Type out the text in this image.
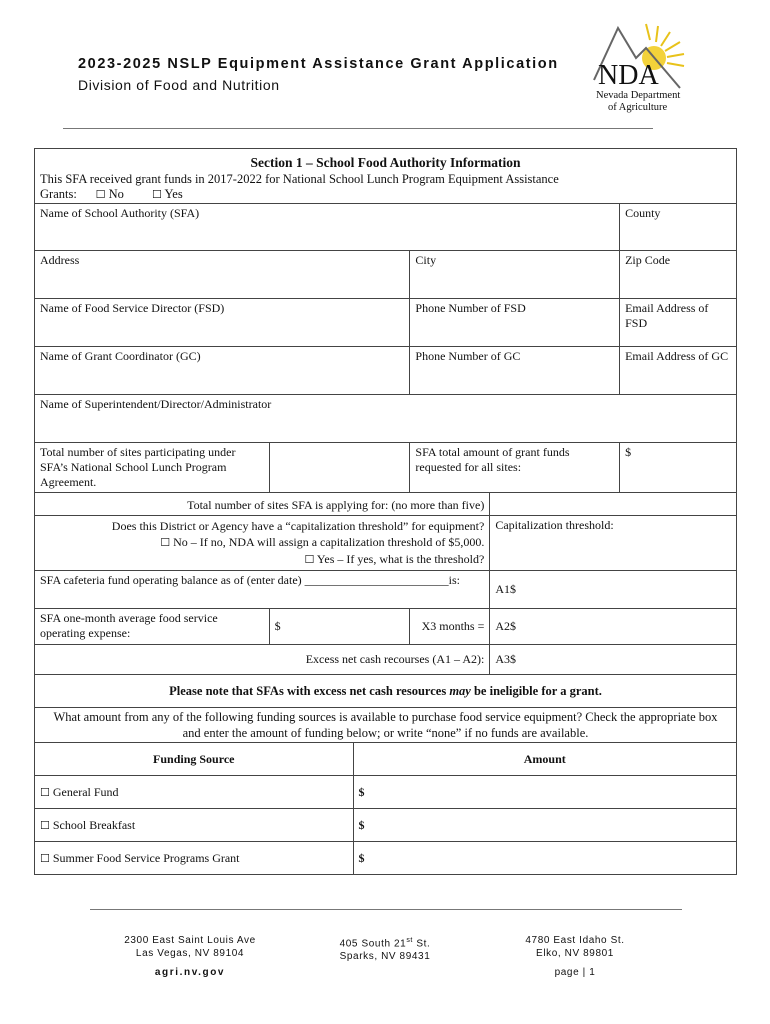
2023-2025 NSLP Equipment Assistance Grant Application
Division of Food and Nutrition	NDA
Nevada Department
of Agriculture
Section 1 – School Food Authority Information					

This SFA received grant funds in 2017-2022 for National School Lunch Program Equipment Assistance
Grants: ☐ No ☐ Yes					

Name of School Authority (SFA)					County
Address			City		Zip Code
Name of Food Service Director (FSD)			Phone Number of FSD		Email Address of FSD
Name of Grant Coordinator (GC)			Phone Number of GC		Email Address of GC
Name of Superintendent/Director/Administrator					
Total number of sites participating under SFA’s National School Lunch Program Agreement.			SFA total amount of grant funds requested for all sites:		$
Total number of sites SFA is applying for: (no more than five)					

Does this District or Agency have a “capitalization threshold” for equipment?
☐ No – If no, NDA will assign a capitalization threshold of $5,000.
☐ Yes – If yes, what is the threshold?				Capitalization threshold:	
SFA cafeteria fund operating balance as of (enter date) ________________________is:				A1$	
SFA one-month average food service operating expense:	$		X3 months =	A2$	
Excess net cash recourses (A1 – A2):				A3$	
Please note that SFAs with excess net cash resources may be ineligible for a grant.					
What amount from any of the following funding sources is available to purchase food service equipment? Check the appropriate box and enter the amount of funding below; or write “none” if no funds are available.					
Funding Source		Amount			
☐ General Fund		$			
☐ School Breakfast		$			
☐ Summer Food Service Programs Grant		$			
2300 East Saint Louis Ave
Las Vegas, NV 89104
405 South 21st St.
Sparks, NV 89431
4780 East Idaho St.
Elko, NV 89801
agri.nv.gov	page | 1
